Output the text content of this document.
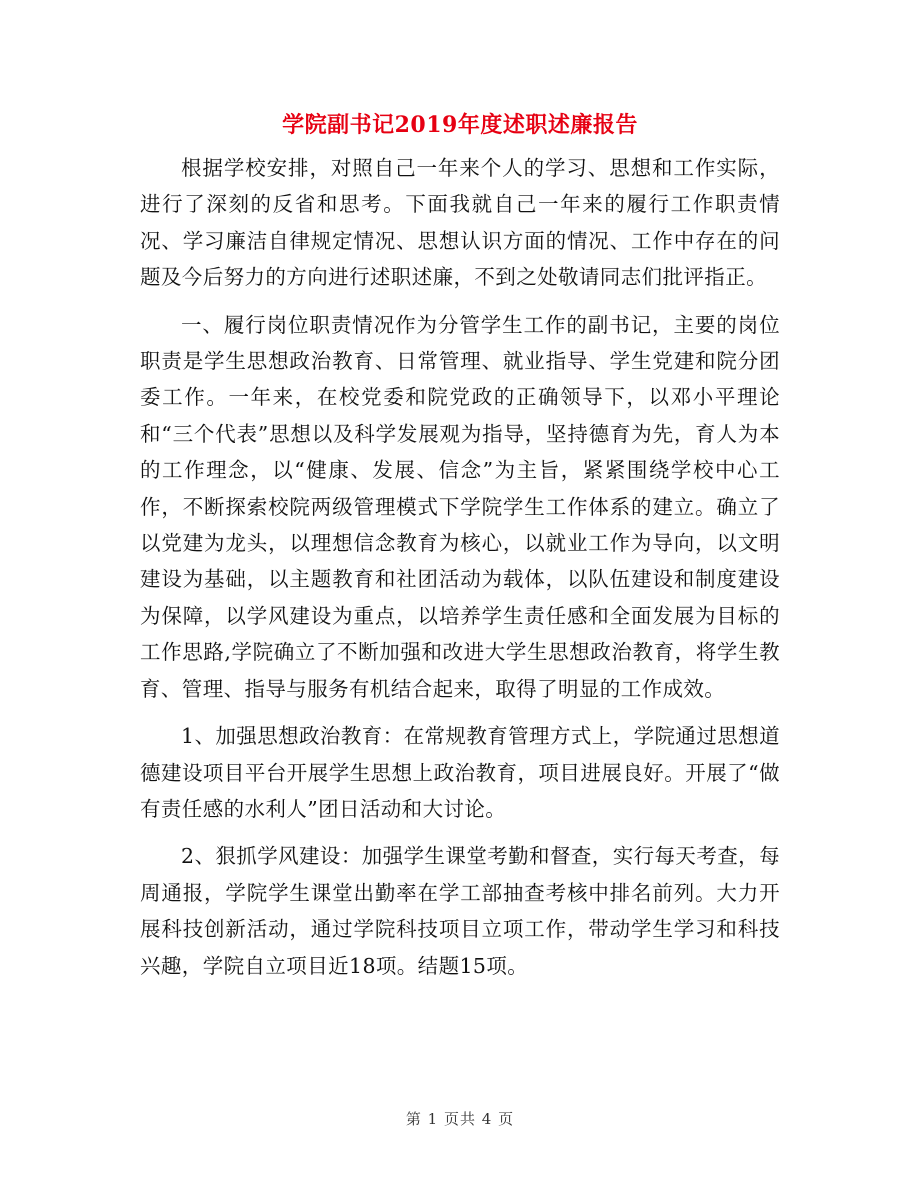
学院副书记2019年度述职述廉报告

根据学校安排，对照自己一年来个人的学习、思想和工作实际，进行了深刻的反省和思考。下面我就自己一年来的履行工作职责情况、学习廉洁自律规定情况、思想认识方面的情况、工作中存在的问题及今后努力的方向进行述职述廉，不到之处敬请同志们批评指正。

一、履行岗位职责情况作为分管学生工作的副书记，主要的岗位职责是学生思想政治教育、日常管理、就业指导、学生党建和院分团委工作。一年来，在校党委和院党政的正确领导下，以邓小平理论和“三个代表”思想以及科学发展观为指导，坚持德育为先，育人为本的工作理念，以“健康、发展、信念”为主旨，紧紧围绕学校中心工作，不断探索校院两级管理模式下学院学生工作体系的建立。确立了以党建为龙头，以理想信念教育为核心，以就业工作为导向，以文明建设为基础，以主题教育和社团活动为载体，以队伍建设和制度建设为保障，以学风建设为重点，以培养学生责任感和全面发展为目标的工作思路,学院确立了不断加强和改进大学生思想政治教育，将学生教育、管理、指导与服务有机结合起来，取得了明显的工作成效。

1、加强思想政治教育：在常规教育管理方式上，学院通过思想道德建设项目平台开展学生思想上政治教育，项目进展良好。开展了“做有责任感的水利人”团日活动和大讨论。

2、狠抓学风建设：加强学生课堂考勤和督查，实行每天考查，每周通报，学院学生课堂出勤率在学工部抽查考核中排名前列。大力开展科技创新活动，通过学院科技项目立项工作，带动学生学习和科技兴趣，学院自立项目近18项。结题15项。

第 1 页共 4 页
